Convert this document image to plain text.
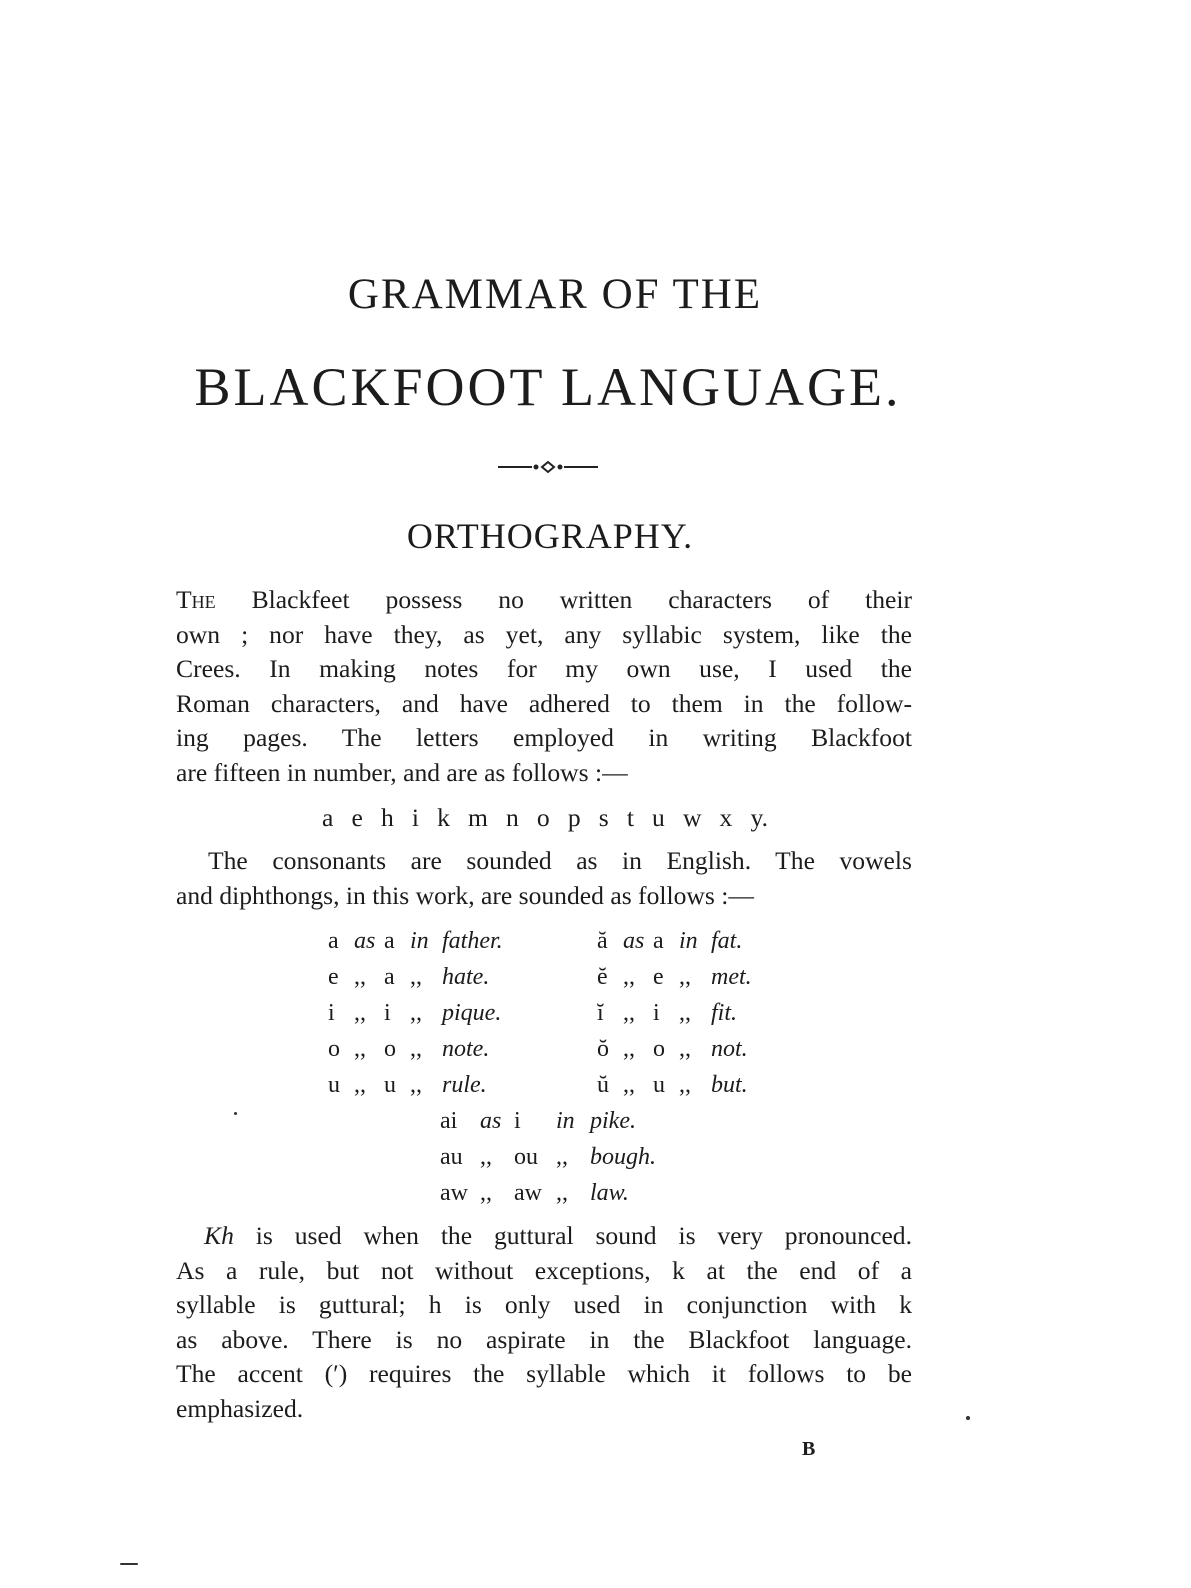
GRAMMAR OF THE
BLACKFOOT LANGUAGE.
ORTHOGRAPHY.
The Blackfeet possess no written characters of their
own ; nor have they, as yet, any syllabic system, like the
Crees. In making notes for my own use, I used the
Roman characters, and have adhered to them in the follow-
ing pages. The letters employed in writing Blackfoot
are fifteen in number, and are as follows :—
a e h i k m n o p s t u w x y.
The consonants are sounded as in English. The vowels
and diphthongs, in this work, are sounded as follows :—
a as a in father.
e ,, a ,, hate.
i ,, i ,, pique.
o ,, o ,, note.
u ,, u ,, rule.
ă as a in fat.
ĕ ,, e ,, met.
ĭ ,, i ,, fit.
ŏ ,, o ,, not.
ŭ ,, u ,, but.
ai as i in pike.
au ,, ou ,, bough.
aw ,, aw ,, law.
Kh is used when the guttural sound is very pronounced.
As a rule, but not without exceptions, k at the end of a
syllable is guttural; h is only used in conjunction with k
as above. There is no aspirate in the Blackfoot language.
The accent (′) requires the syllable which it follows to be
emphasized.
B
